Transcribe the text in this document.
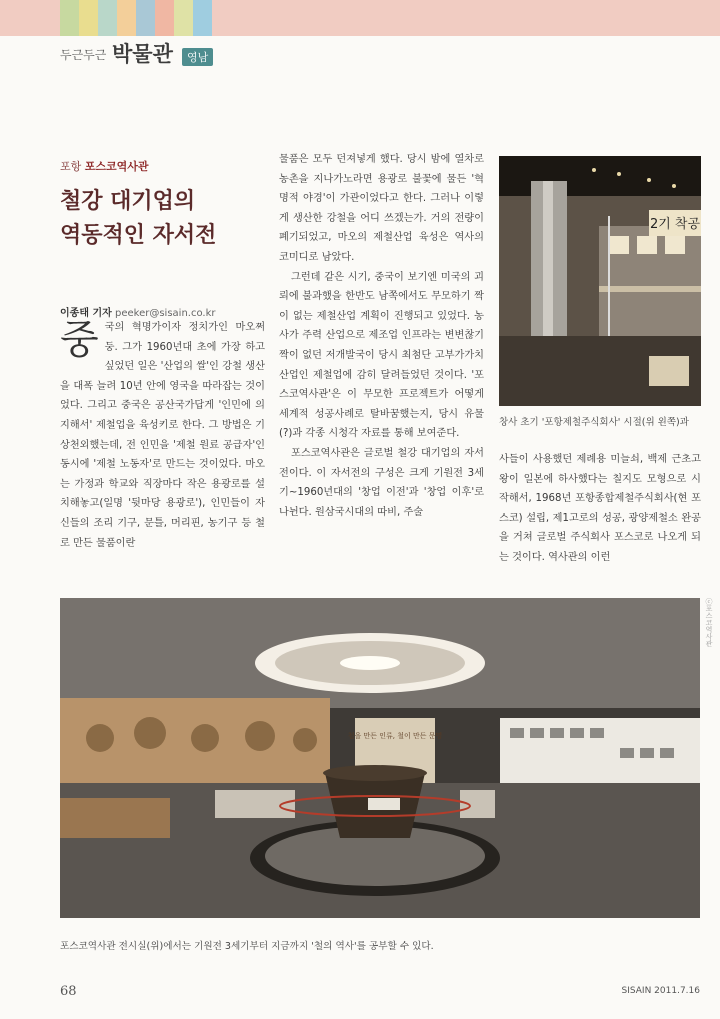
두근두근 박물관	영남
포항 포스코역사관
철강 대기업의
역동적인 자서전
이종태 기자 peeker@sisain.co.kr
중 국의 혁명가이자 정치가인 마오쩌둥. 그가 1960년대 초에 가장 하고 싶었던 일은 '산업의 쌀'인 강철 생산을 대폭 늘려 10년 안에 영국을 따라잡는 것이었다. 그리고 중국은 공산국가답게 '인민에 의지해서' 제철업을 육성키로 한다. 그 방법은 기상천외했는데, 전 인민을 '제철 원료 공급자'인 동시에 '제철 노동자'로 만드는 것이었다. 마오는 가정과 학교와 직장마다 작은 용광로를 설치해놓고(일명 '뒷마당 용광로'), 인민들이 자신들의 조리 기구, 문틀, 머리핀, 농기구 등 철로 만든 물품이란

물품은 모두 던져넣게 했다. 당시 밤에 열차로 농촌을 지나가노라면 용광로 불꽃에 물든 '혁명적 야경'이 가관이었다고 한다. 그러나 이렇게 생산한 강철을 어디 쓰겠는가. 거의 전량이 폐기되었고, 마오의 제철산업 육성은 역사의 코미디로 남았다.

그런데 같은 시기, 중국이 보기엔 미국의 괴뢰에 불과했을 한반도 남쪽에서도 무모하기 짝이 없는 제철산업 계획이 진행되고 있었다. 농사가 주력 산업으로 제조업 인프라는 변변찮기 짝이 없던 저개발국이 당시 최첨단 고부가가치 산업인 제철업에 감히 달려들었던 것이다. '포스코역사관'은 이 무모한 프로젝트가 어떻게 세계적 성공사례로 탈바꿈했는지, 당시 유물(?)과 각종 시청각 자료를 통해 보여준다.

포스코역사관은 글로벌 철강 대기업의 자서전이다. 이 자서전의 구성은 크게 기원전 3세기~1960년대의 '창업 이전'과 '창업 이후'로 나뉜다. 원삼국시대의 따비, 주술

2기 착공
창사 초기 '포항제철주식회사' 시절(위 왼쪽)과
사들이 사용했던 제례용 미늘쇠, 백제 근초고왕이 일본에 하사했다는 칠지도 모형으로 시작해서, 1968년 포항종합제철주식회사(현 포스코) 설립, 제1고로의 성공, 광양제철소 완공을 거쳐 글로벌 주식회사 포스코로 나오게 되는 것이다. 역사관의 이런
철을 만든 인류, 철이 만든 문명
ⓒ포스코역사관
포스코역사관 전시실(위)에서는 기원전 3세기부터 지금까지 '철의 역사'를 공부할 수 있다.
68	SISAIN 2011.7.16
